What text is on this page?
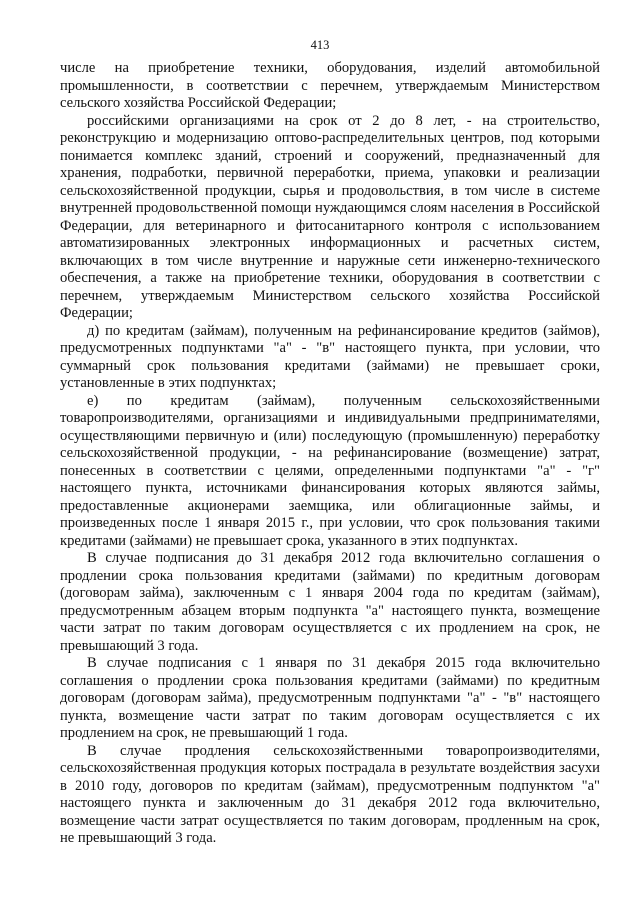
413

числе на приобретение техники, оборудования, изделий автомобильной промышленности, в соответствии с перечнем, утверждаемым Министерством сельского хозяйства Российской Федерации;

российскими организациями на срок от 2 до 8 лет, - на строительство, реконструкцию и модернизацию оптово-распределительных центров, под которыми понимается комплекс зданий, строений и сооружений, предназначенный для хранения, подработки, первичной переработки, приема, упаковки и реализации сельскохозяйственной продукции, сырья и продовольствия, в том числе в системе внутренней продовольственной помощи нуждающимся слоям населения в Российской Федерации, для ветеринарного и фитосанитарного контроля с использованием автоматизированных электронных информационных и расчетных систем, включающих в том числе внутренние и наружные сети инженерно-технического обеспечения, а также на приобретение техники, оборудования в соответствии с перечнем, утверждаемым Министерством сельского хозяйства Российской Федерации;

д) по кредитам (займам), полученным на рефинансирование кредитов (займов), предусмотренных подпунктами "а" - "в" настоящего пункта, при условии, что суммарный срок пользования кредитами (займами) не превышает сроки, установленные в этих подпунктах;

е) по кредитам (займам), полученным сельскохозяйственными товаропроизводителями, организациями и индивидуальными предпринимателями, осуществляющими первичную и (или) последующую (промышленную) переработку сельскохозяйственной продукции, - на рефинансирование (возмещение) затрат, понесенных в соответствии с целями, определенными подпунктами "а" - "г" настоящего пункта, источниками финансирования которых являются займы, предоставленные акционерами заемщика, или облигационные займы, и произведенных после 1 января 2015 г., при условии, что срок пользования такими кредитами (займами) не превышает срока, указанного в этих подпунктах.

В случае подписания до 31 декабря 2012 года включительно соглашения о продлении срока пользования кредитами (займами) по кредитным договорам (договорам займа), заключенным с 1 января 2004 года по кредитам (займам), предусмотренным абзацем вторым подпункта "а" настоящего пункта, возмещение части затрат по таким договорам осуществляется с их продлением на срок, не превышающий 3 года.

В случае подписания с 1 января по 31 декабря 2015 года включительно соглашения о продлении срока пользования кредитами (займами) по кредитным договорам (договорам займа), предусмотренным подпунктами "а" - "в" настоящего пункта, возмещение части затрат по таким договорам осуществляется с их продлением на срок, не превышающий 1 года.

В случае продления сельскохозяйственными товаропроизводителями, сельскохозяйственная продукция которых пострадала в результате воздействия засухи в 2010 году, договоров по кредитам (займам), предусмотренным подпунктом "а" настоящего пункта и заключенным до 31 декабря 2012 года включительно, возмещение части затрат осуществляется по таким договорам, продленным на срок, не превышающий 3 года.
